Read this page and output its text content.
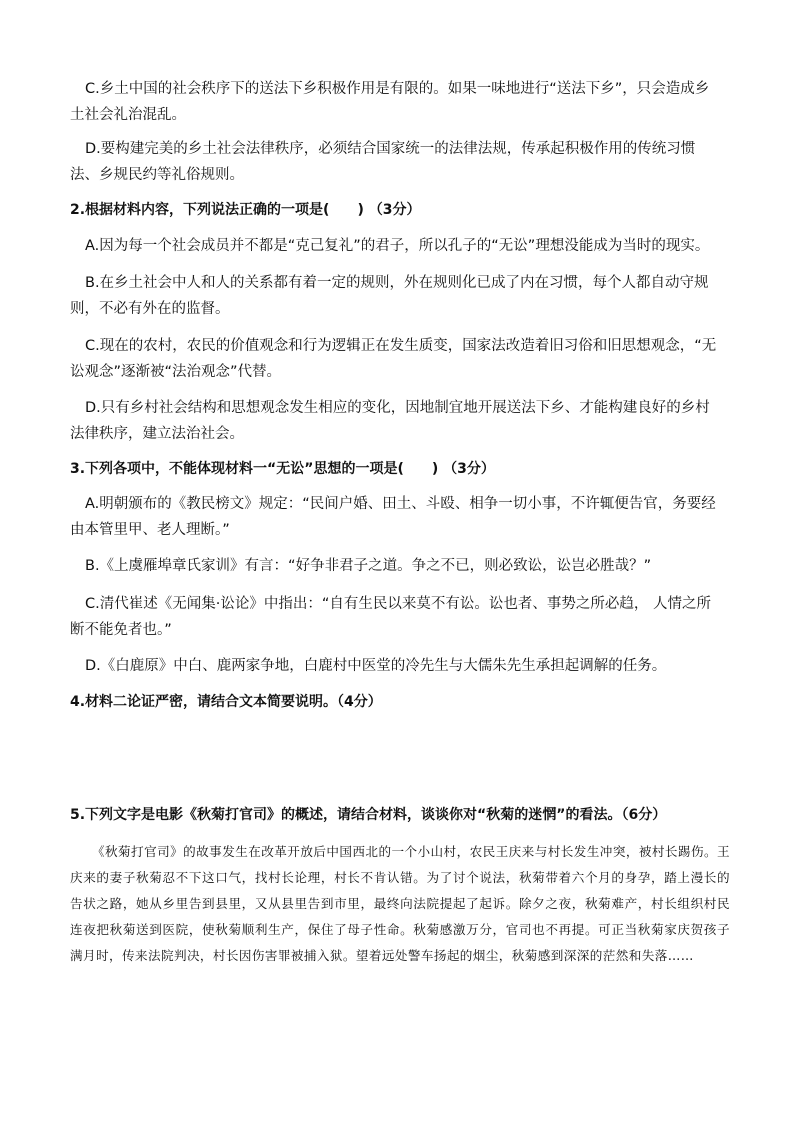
C.乡土中国的社会秩序下的送法下乡积极作用是有限的。如果一味地进行“送法下乡”，只会造成乡土社会礼治混乱。

D.要构建完美的乡土社会法律秩序，必须结合国家统一的法律法规，传承起积极作用的传统习惯法、乡规民约等礼俗规则。

2.根据材料内容，下列说法正确的一项是(　　) （3分）

A.因为每一个社会成员并不都是“克己复礼”的君子，所以孔子的“无讼”理想没能成为当时的现实。

B.在乡土社会中人和人的关系都有着一定的规则，外在规则化已成了内在习惯，每个人都自动守规则，不必有外在的监督。

C.现在的农村，农民的价值观念和行为逻辑正在发生质变，国家法改造着旧习俗和旧思想观念，“无讼观念”逐渐被“法治观念”代替。

D.只有乡村社会结构和思想观念发生相应的变化，因地制宜地开展送法下乡、才能构建良好的乡村法律秩序，建立法治社会。

3.下列各项中，不能体现材料一“无讼”思想的一项是(　　) （3分）

A.明朝颁布的《教民榜文》规定：“民间户婚、田土、斗殴、相争一切小事，不许辄便告官，务要经由本管里甲、老人理断。”

B.《上虞雁埠章氏家训》有言：“好争非君子之道。争之不已，则必致讼，讼岂必胜哉？”

C.清代崔述《无闻集·讼论》中指出：“自有生民以来莫不有讼。讼也者、事势之所必趋， 人情之所断不能免者也。”

D.《白鹿原》中白、鹿两家争地，白鹿村中医堂的冷先生与大儒朱先生承担起调解的任务。

4.材料二论证严密，请结合文本简要说明。（4分）

5.下列文字是电影《秋菊打官司》的概述，请结合材料，谈谈你对“秋菊的迷惘”的看法。（6分）

《秋菊打官司》的故事发生在改革开放后中国西北的一个小山村，农民王庆来与村长发生冲突，被村长踢伤。王庆来的妻子秋菊忍不下这口气，找村长论理，村长不肯认错。为了讨个说法，秋菊带着六个月的身孕，踏上漫长的告状之路，她从乡里告到县里，又从县里告到市里，最终向法院提起了起诉。除夕之夜，秋菊难产，村长组织村民连夜把秋菊送到医院，使秋菊顺利生产，保住了母子性命。秋菊感激万分，官司也不再提。可正当秋菊家庆贺孩子满月时，传来法院判决，村长因伤害罪被捕入狱。望着远处警车扬起的烟尘，秋菊感到深深的茫然和失落……
